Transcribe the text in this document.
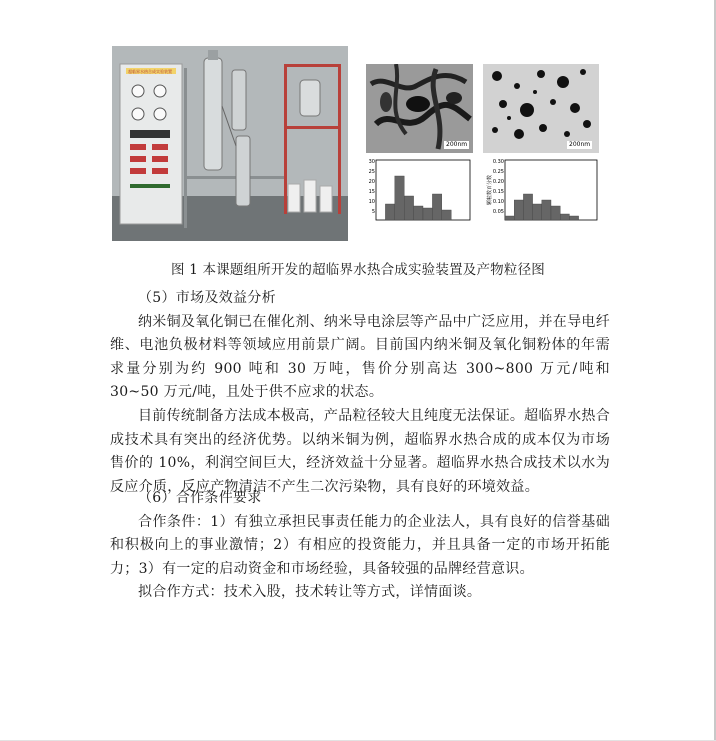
超临界水热合成实验装置
200nm	200nm
30
25
20
15
10
5
颗粒数百分数
0.30
0.25
0.20
0.15
0.10
0.05
图 1 本课题组所开发的超临界水热合成实验装置及产物粒径图

（5）市场及效益分析

纳米铜及氧化铜已在催化剂、纳米导电涂层等产品中广泛应用，并在导电纤维、电池负极材料等领域应用前景广阔。目前国内纳米铜及氧化铜粉体的年需求量分别为约 900 吨和 30 万吨，售价分别高达 300~800 万元/吨和 30~50 万元/吨，且处于供不应求的状态。

目前传统制备方法成本极高，产品粒径较大且纯度无法保证。超临界水热合成技术具有突出的经济优势。以纳米铜为例，超临界水热合成的成本仅为市场售价的 10%，利润空间巨大，经济效益十分显著。超临界水热合成技术以水为反应介质，反应产物清洁不产生二次污染物，具有良好的环境效益。

（6）合作条件要求

合作条件：1）有独立承担民事责任能力的企业法人，具有良好的信誉基础和积极向上的事业激情；2）有相应的投资能力，并且具备一定的市场开拓能力；3）有一定的启动资金和市场经验，具备较强的品牌经营意识。

拟合作方式：技术入股，技术转让等方式，详情面谈。
